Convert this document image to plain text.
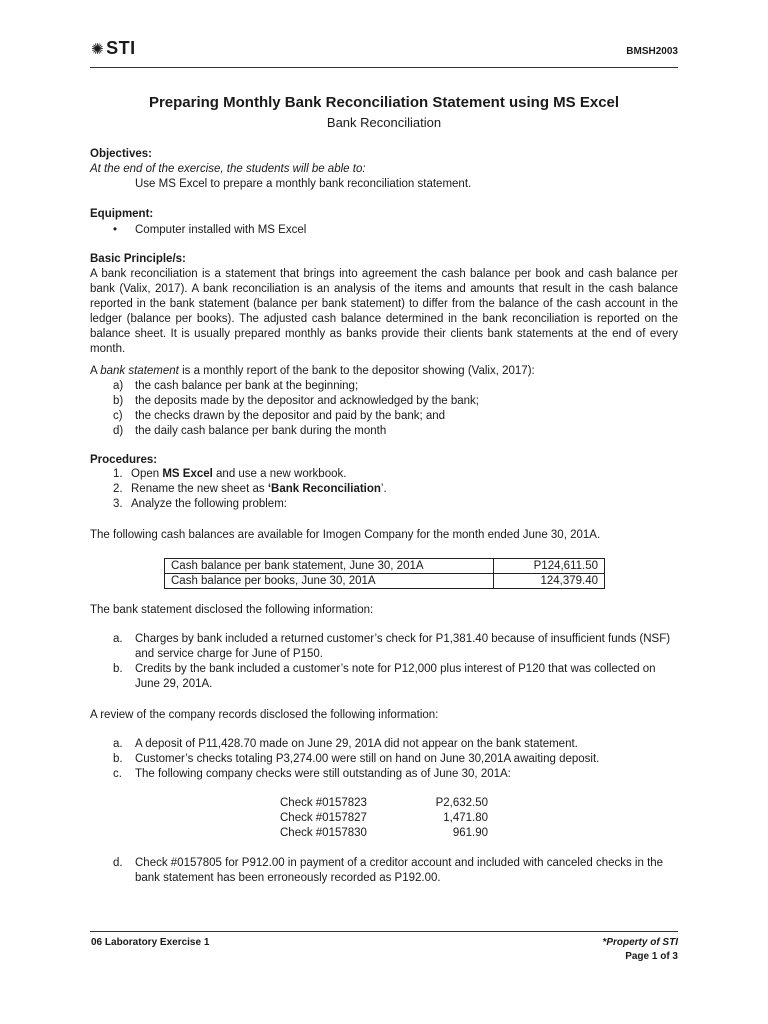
✺ STI	BMSH2003
Preparing Monthly Bank Reconciliation Statement using MS Excel
Bank Reconciliation
Objectives:
At the end of the exercise, the students will be able to:
Use MS Excel to prepare a monthly bank reconciliation statement.
Equipment:
• Computer installed with MS Excel
Basic Principle/s:
A bank reconciliation is a statement that brings into agreement the cash balance per book and cash balance per bank (Valix, 2017). A bank reconciliation is an analysis of the items and amounts that result in the cash balance reported in the bank statement (balance per bank statement) to differ from the balance of the cash account in the ledger (balance per books). The adjusted cash balance determined in the bank reconciliation is reported on the balance sheet. It is usually prepared monthly as banks provide their clients bank statements at the end of every month.
A bank statement is a monthly report of the bank to the depositor showing (Valix, 2017):
a)	the cash balance per bank at the beginning;
b)	the deposits made by the depositor and acknowledged by the bank;
c)	the checks drawn by the depositor and paid by the bank; and
d)	the daily cash balance per bank during the month
Procedures:
1. Open MS Excel and use a new workbook.
2. Rename the new sheet as ‘Bank Reconciliation’.
3. Analyze the following problem:
The following cash balances are available for Imogen Company for the month ended June 30, 201A.
Cash balance per bank statement, June 30, 201A	P124,611.50
Cash balance per books, June 30, 201A	124,379.40
The bank statement disclosed the following information:
a.	Charges by bank included a returned customer’s check for P1,381.40 because of insufficient funds (NSF) and service charge for June of P150.
b.	Credits by the bank included a customer’s note for P12,000 plus interest of P120 that was collected on June 29, 201A.
A review of the company records disclosed the following information:
a.	A deposit of P11,428.70 made on June 29, 201A did not appear on the bank statement.
b.	Customer’s checks totaling P3,274.00 were still on hand on June 30,201A awaiting deposit.
c.	The following company checks were still outstanding as of June 30, 201A:
Check #0157823	P2,632.50
Check #0157827	1,471.80
Check #0157830	961.90
d.	Check #0157805 for P912.00 in payment of a creditor account and included with canceled checks in the bank statement has been erroneously recorded as P192.00.
06 Laboratory Exercise 1	*Property of STI
Page 1 of 3
